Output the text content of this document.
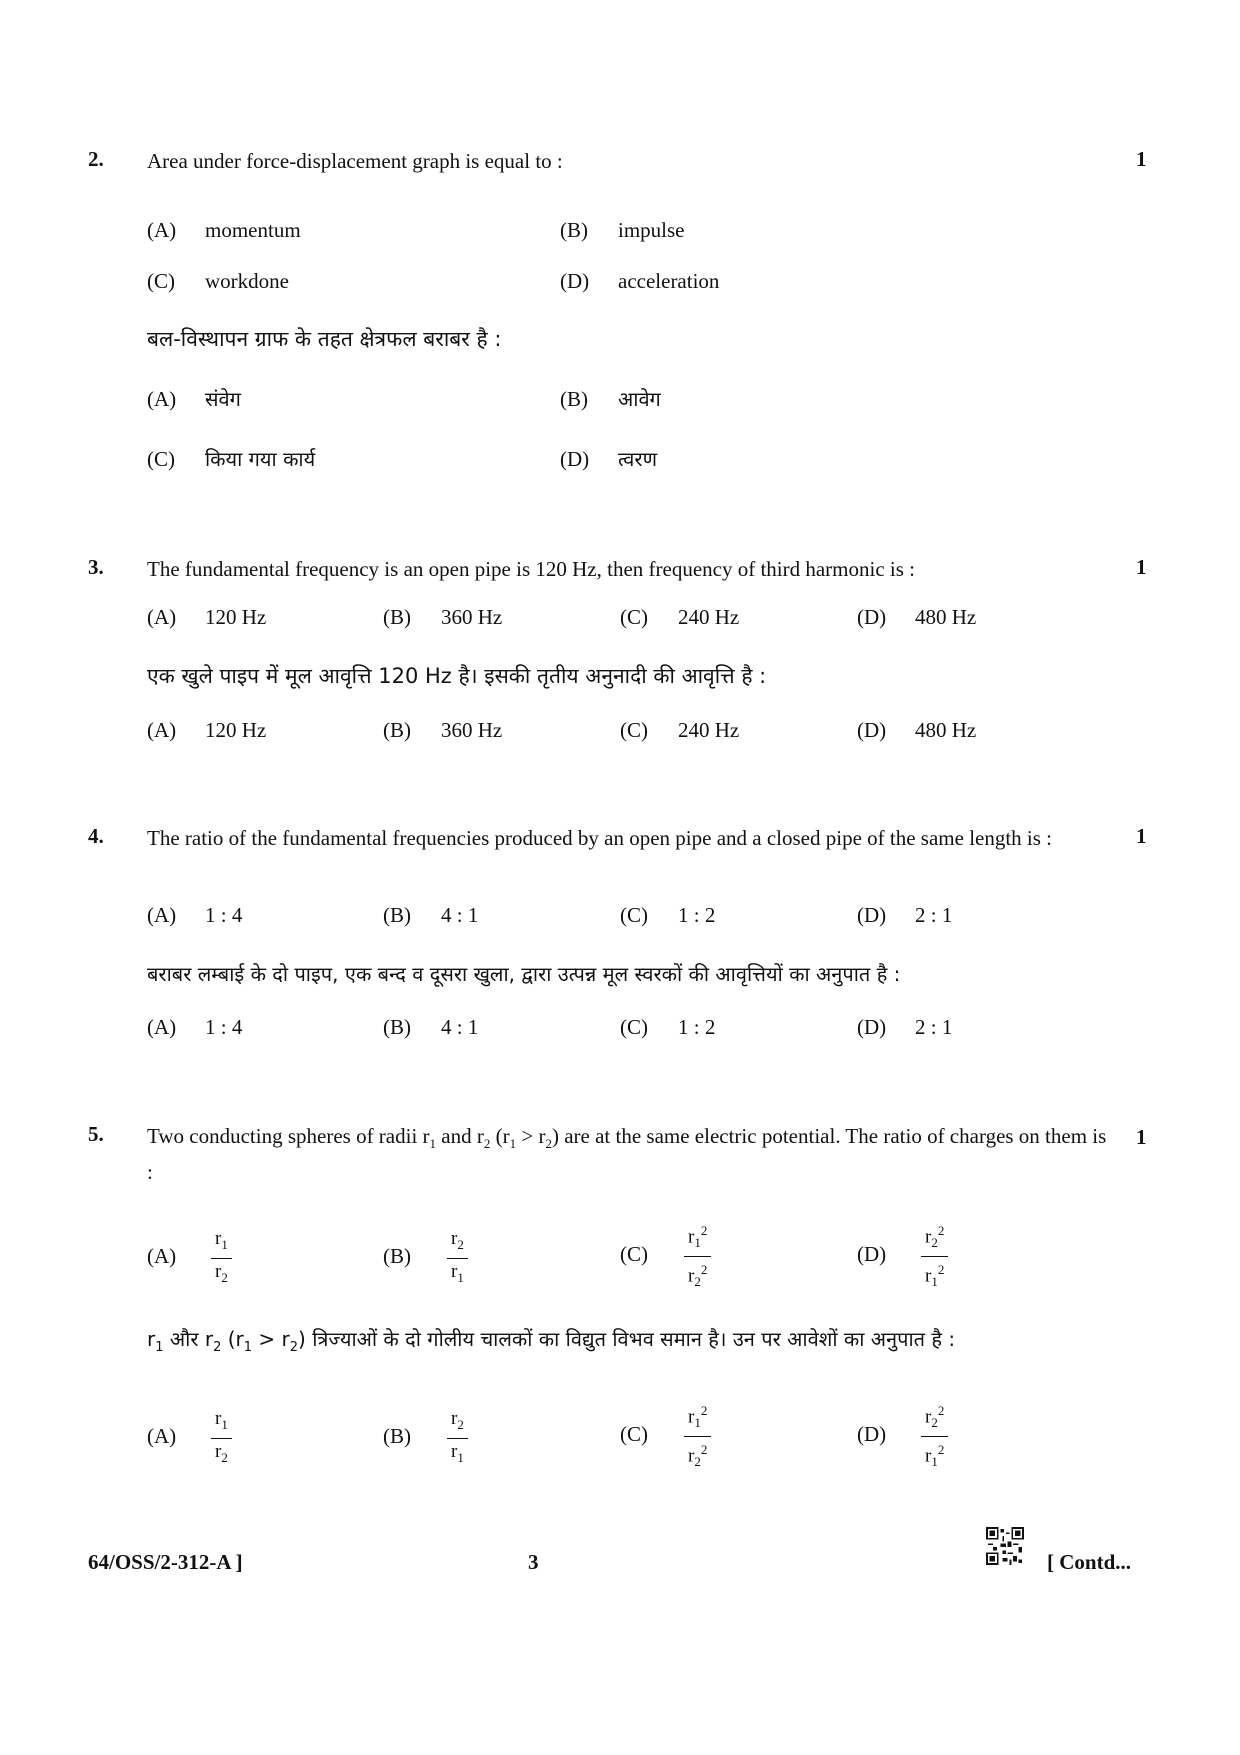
2. Area under force-displacement graph is equal to :	1
(A) momentum	(B) impulse
(C) workdone	(D) acceleration
बल-विस्थापन ग्राफ के तहत क्षेत्रफल बराबर है :
(A) संवेग	(B) आवेग
(C) किया गया कार्य	(D) त्वरण
3. The fundamental frequency is an open pipe is 120 Hz, then frequency of third harmonic is :	1
(A) 120 Hz	(B) 360 Hz	(C) 240 Hz	(D) 480 Hz
एक खुले पाइप में मूल आवृत्ति 120 Hz है। इसकी तृतीय अनुनादी की आवृत्ति है :
(A) 120 Hz	(B) 360 Hz	(C) 240 Hz	(D) 480 Hz
4. The ratio of the fundamental frequencies produced by an open pipe and a closed pipe of the same length is :	1
(A) 1 : 4	(B) 4 : 1	(C) 1 : 2	(D) 2 : 1
बराबर लम्बाई के दो पाइप, एक बन्द व दूसरा खुला, द्वारा उत्पन्न मूल स्वरकों की आवृत्तियों का अनुपात है :
(A) 1 : 4	(B) 4 : 1	(C) 1 : 2	(D) 2 : 1
5. Two conducting spheres of radii $r_1$ and $r_2$ $(r_1 > r_2)$ are at the same electric potential. The ratio of charges on them is :
1
$(A) \frac{r_1}{r_2}$	$(B) \frac{r_2}{r_1}$	$(C) \frac{r_1^2}{r_2^2}$	$(D) \frac{r_2^2}{r_1^2}$
$r_1$ और $r_2$ $(r_1 > r_2)$ त्रिज्याओं के दो गोलीय चालकों का विद्युत विभव समान है। उन पर आवेशों का अनुपात है :
$(A) \frac{r_1}{r_2}$	$(B) \frac{r_2}{r_1}$	$(C) \frac{r_1^2}{r_2^2}$	$(D) \frac{r_2^2}{r_1^2}$
64/OSS/2-312-A ]	3	[ Contd...
